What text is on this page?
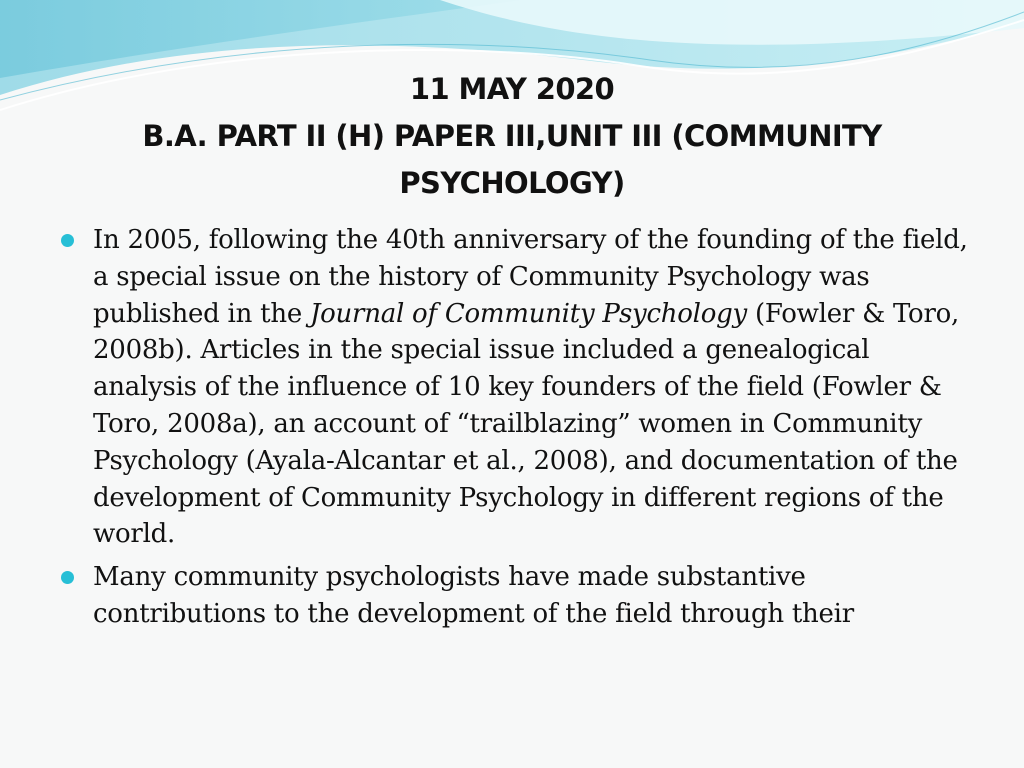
11 MAY 2020
B.A. PART II (H) PAPER III,UNIT III (COMMUNITY
PSYCHOLOGY)
In 2005, following the 40th anniversary of the founding of the field, a special issue on the history of Community Psychology was published in the Journal of Community Psychology (Fowler & Toro, 2008b). Articles in the special issue included a genealogical analysis of the influence of 10 key founders of the field (Fowler & Toro, 2008a), an account of “trailblazing” women in Community Psychology (Ayala-Alcantar et al., 2008), and documentation of the development of Community Psychology in different regions of the world.
Many community psychologists have made substantive contributions to the development of the field through their
